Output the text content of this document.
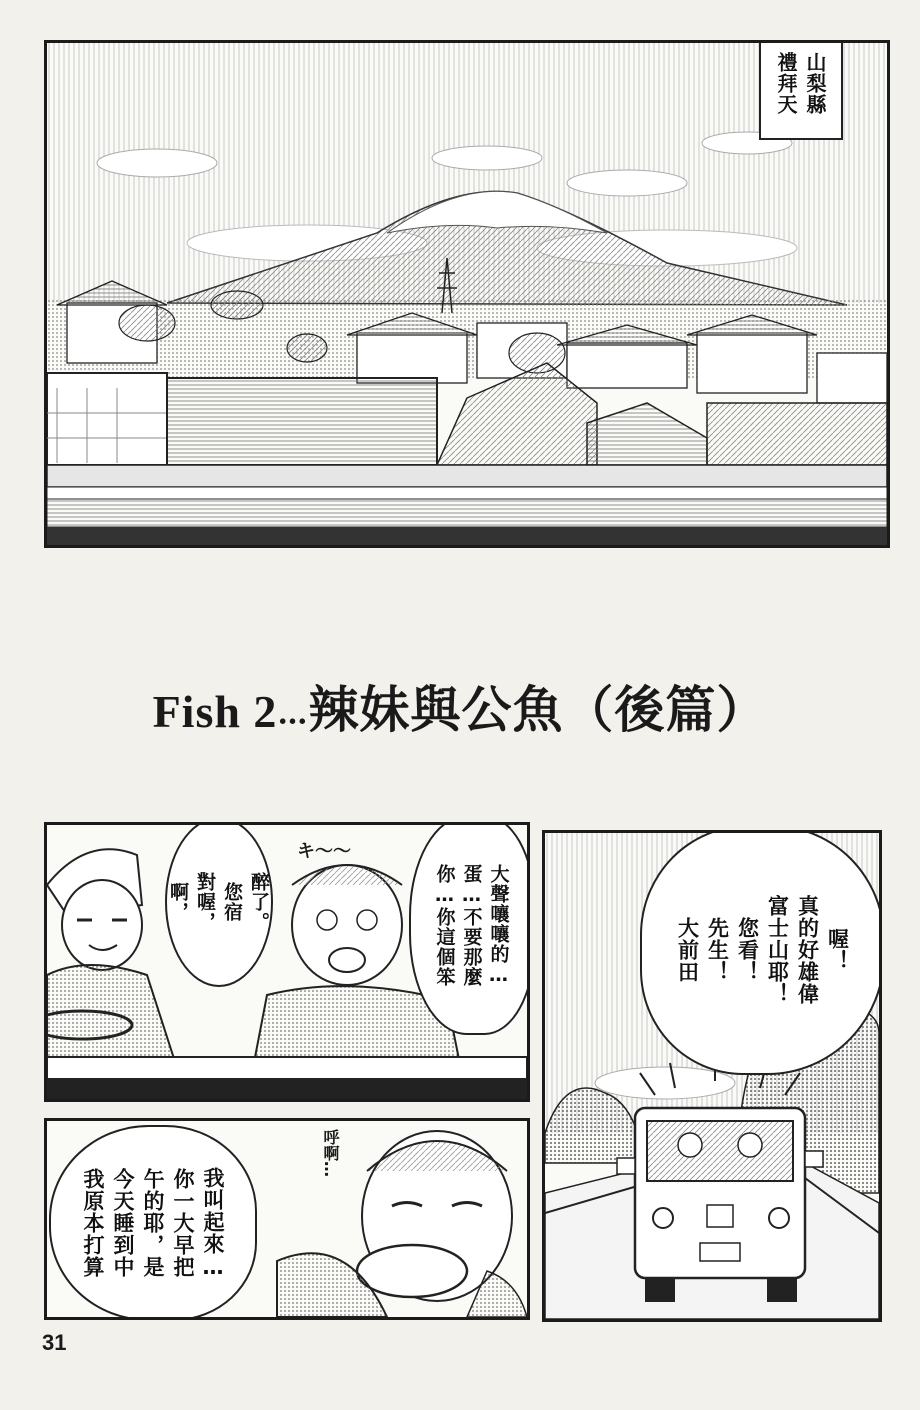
禮拜天 山梨縣
Fish 2…辣妹與公魚（後篇）
キ〜〜
啊， 對喔， 您宿 醉了。	你…你這個笨 蛋…不要那麼 大聲嚷嚷的…
呼啊…
我原本打算 今天睡到中 午的耶，是 你一大早把 我叫起來…
大前田 先生！ 您看！ 富士山耶！ 真的好雄偉 喔！
31
